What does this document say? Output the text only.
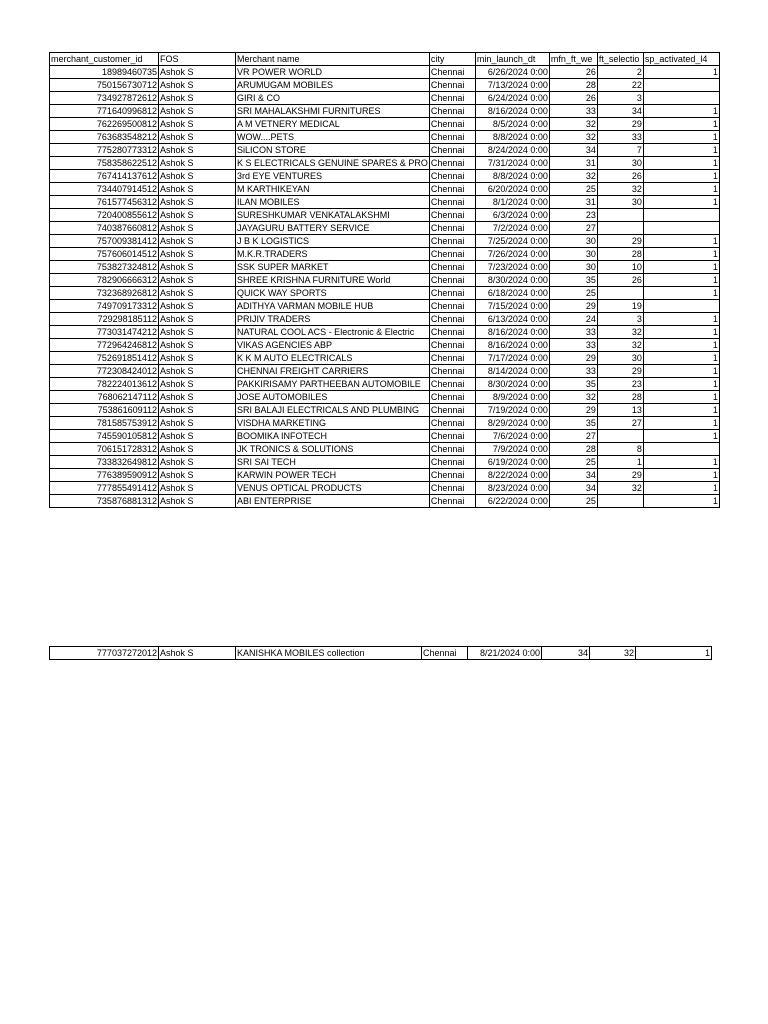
merchant_customer_id	FOS	Merchant name	city	min_launch_dt	mfn_ft_we	ft_selectio	sp_activated_l4
18989460735	Ashok S	VR POWER WORLD	Chennai	6/26/2024 0:00	26	2	1
750156730712	Ashok S	ARUMUGAM MOBILES	Chennai	7/13/2024 0:00	28	22	
734927872612	Ashok S	GIRI & CO	Chennai	6/24/2024 0:00	26	3	
771640996812	Ashok S	SRI MAHALAKSHMI FURNITURES	Chennai	8/16/2024 0:00	33	34	1
762269500812	Ashok S	A M VETNERY MEDICAL	Chennai	8/5/2024 0:00	32	29	1
763683548212	Ashok S	WOW....PETS	Chennai	8/8/2024 0:00	32	33	1
775280773312	Ashok S	SiLICON STORE	Chennai	8/24/2024 0:00	34	7	1
758358622512	Ashok S	K S ELECTRICALS GENUINE SPARES & PRO	Chennai	7/31/2024 0:00	31	30	1
767414137612	Ashok S	3rd EYE VENTURES	Chennai	8/8/2024 0:00	32	26	1
734407914512	Ashok S	M KARTHIKEYAN	Chennai	6/20/2024 0:00	25	32	1
761577456312	Ashok S	ILAN MOBILES	Chennai	8/1/2024 0:00	31	30	1
720400855612	Ashok S	SURESHKUMAR VENKATALAKSHMI	Chennai	6/3/2024 0:00	23		
740387660812	Ashok S	JAYAGURU BATTERY SERVICE	Chennai	7/2/2024 0:00	27		
757009381412	Ashok S	J B K LOGISTICS	Chennai	7/25/2024 0:00	30	29	1
757606014512	Ashok S	M.K.R.TRADERS	Chennai	7/26/2024 0:00	30	28	1
753827324812	Ashok S	SSK SUPER MARKET	Chennai	7/23/2024 0:00	30	10	1
782906666312	Ashok S	SHREE KRISHNA FURNITURE World	Chennai	8/30/2024 0:00	35	26	1
732368926812	Ashok S	QUICK WAY SPORTS	Chennai	6/18/2024 0:00	25		1
749709173312	Ashok S	ADITHYA VARMAN MOBILE HUB	Chennai	7/15/2024 0:00	29	19	
729298185112	Ashok S	PRIJIV TRADERS	Chennai	6/13/2024 0:00	24	3	1
773031474212	Ashok S	NATURAL COOL ACS - Electronic & Electric	Chennai	8/16/2024 0:00	33	32	1
772964246812	Ashok S	VIKAS AGENCIES ABP	Chennai	8/16/2024 0:00	33	32	1
752691851412	Ashok S	K K M AUTO ELECTRICALS	Chennai	7/17/2024 0:00	29	30	1
772308424012	Ashok S	CHENNAI FREIGHT CARRIERS	Chennai	8/14/2024 0:00	33	29	1
782224013612	Ashok S	PAKKIRISAMY PARTHEEBAN AUTOMOBILE	Chennai	8/30/2024 0:00	35	23	1
768062147112	Ashok S	JOSE AUTOMOBILES	Chennai	8/9/2024 0:00	32	28	1
753861609112	Ashok S	SRI BALAJI ELECTRICALS AND PLUMBING	Chennai	7/19/2024 0:00	29	13	1
781585753912	Ashok S	VISDHA MARKETING	Chennai	8/29/2024 0:00	35	27	1
745590105812	Ashok S	BOOMIKA INFOTECH	Chennai	7/6/2024 0:00	27		1
706151728312	Ashok S	JK TRONICS & SOLUTIONS	Chennai	7/9/2024 0:00	28	8	
733832649812	Ashok S	SRI SAI TECH	Chennai	6/19/2024 0:00	25	1	1
776389590912	Ashok S	KARWIN POWER TECH	Chennai	8/22/2024 0:00	34	29	1
777855491412	Ashok S	VENUS OPTICAL PRODUCTS	Chennai	8/23/2024 0:00	34	32	1
735876881312	Ashok S	ABI ENTERPRISE	Chennai	6/22/2024 0:00	25		1
777037272012	Ashok S	KANISHKA MOBILES collection	Chennai	8/21/2024 0:00	34	32	1
